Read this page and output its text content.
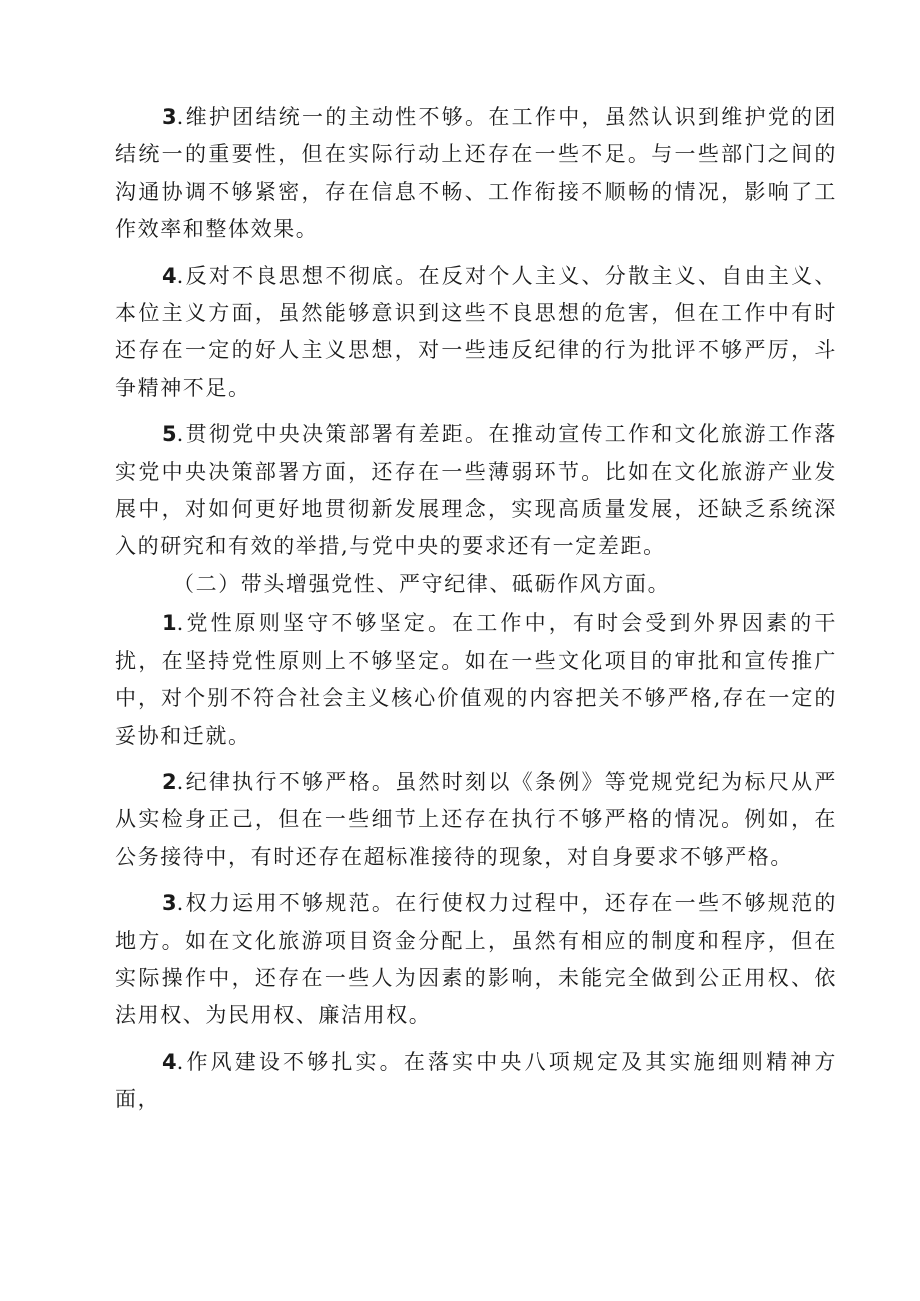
3.维护团结统一的主动性不够。在工作中，虽然认识到维护党的团结统一的重要性，但在实际行动上还存在一些不足。与一些部门之间的沟通协调不够紧密，存在信息不畅、工作衔接不顺畅的情况，影响了工作效率和整体效果。

4.反对不良思想不彻底。在反对个人主义、分散主义、自由主义、本位主义方面，虽然能够意识到这些不良思想的危害，但在工作中有时还存在一定的好人主义思想，对一些违反纪律的行为批评不够严厉，斗争精神不足。

5.贯彻党中央决策部署有差距。在推动宣传工作和文化旅游工作落实党中央决策部署方面，还存在一些薄弱环节。比如在文化旅游产业发展中，对如何更好地贯彻新发展理念，实现高质量发展，还缺乏系统深入的研究和有效的举措,与党中央的要求还有一定差距。

（二）带头增强党性、严守纪律、砥砺作风方面。

1.党性原则坚守不够坚定。在工作中，有时会受到外界因素的干扰，在坚持党性原则上不够坚定。如在一些文化项目的审批和宣传推广中，对个别不符合社会主义核心价值观的内容把关不够严格,存在一定的妥协和迁就。

2.纪律执行不够严格。虽然时刻以《条例》等党规党纪为标尺从严从实检身正己，但在一些细节上还存在执行不够严格的情况。例如，在公务接待中，有时还存在超标准接待的现象，对自身要求不够严格。

3.权力运用不够规范。在行使权力过程中，还存在一些不够规范的地方。如在文化旅游项目资金分配上，虽然有相应的制度和程序，但在实际操作中，还存在一些人为因素的影响，未能完全做到公正用权、依法用权、为民用权、廉洁用权。

4.作风建设不够扎实。在落实中央八项规定及其实施细则精神方面，
